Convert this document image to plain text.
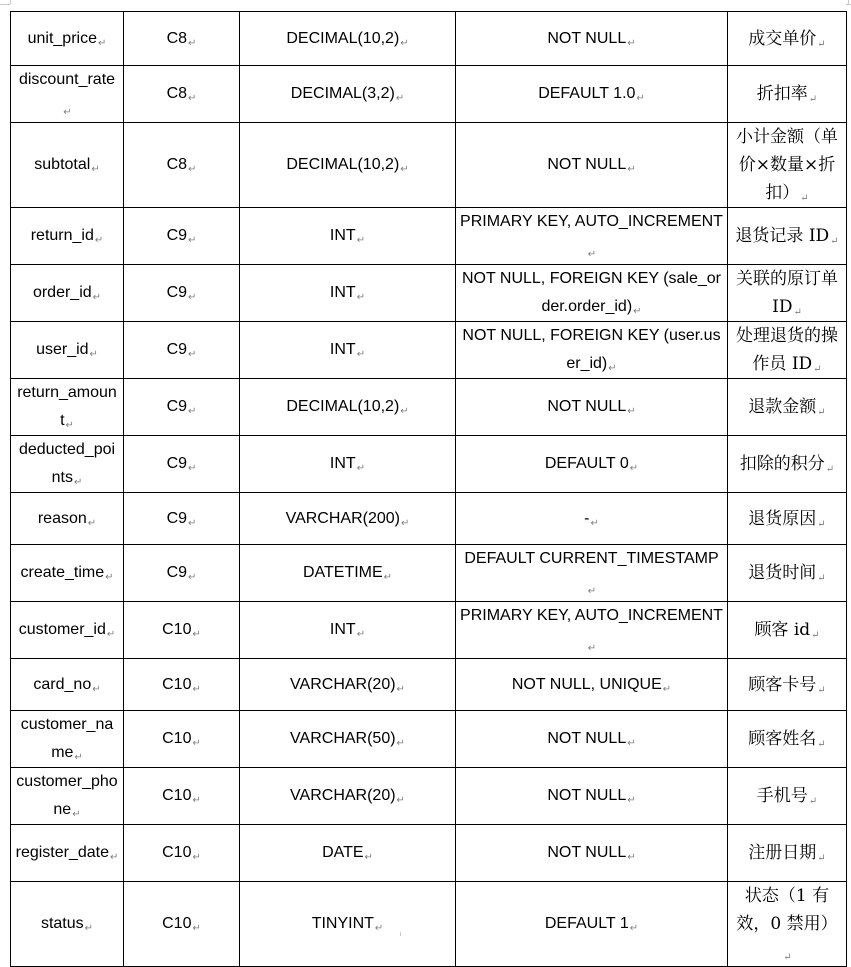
unit_price↵	C8↵	DECIMAL(10,2)↵	NOT NULL↵	成交单价↵
discount_rate↵	C8↵	DECIMAL(3,2)↵	DEFAULT 1.0↵	折扣率↵
subtotal↵	C8↵	DECIMAL(10,2)↵	NOT NULL↵	小计金额（单价×数量×折扣）↵
return_id↵	C9↵	INT↵	PRIMARY KEY, AUTO_INCREMENT↵	退货记录 ID↵
order_id↵	C9↵	INT↵	NOT NULL, FOREIGN KEY (sale_order.order_id)↵	关联的原订单 ID↵
user_id↵	C9↵	INT↵	NOT NULL, FOREIGN KEY (user.user_id)↵	处理退货的操作员 ID↵
return_amount↵	C9↵	DECIMAL(10,2)↵	NOT NULL↵	退款金额↵
deducted_points↵	C9↵	INT↵	DEFAULT 0↵	扣除的积分↵
reason↵	C9↵	VARCHAR(200)↵	-↵	退货原因↵
create_time↵	C9↵	DATETIME↵	DEFAULT CURRENT_TIMESTAMP↵	退货时间↵
customer_id↵	C10↵	INT↵	PRIMARY KEY, AUTO_INCREMENT↵	顾客 id↵
card_no↵	C10↵	VARCHAR(20)↵	NOT NULL, UNIQUE↵	顾客卡号↵
customer_name↵	C10↵	VARCHAR(50)↵	NOT NULL↵	顾客姓名↵
customer_phone↵	C10↵	VARCHAR(20)↵	NOT NULL↵	手机号↵
register_date↵	C10↵	DATE↵	NOT NULL↵	注册日期↵
status↵	C10↵	TINYINT↵	DEFAULT 1↵	状态（1 有效，0 禁用）↵
